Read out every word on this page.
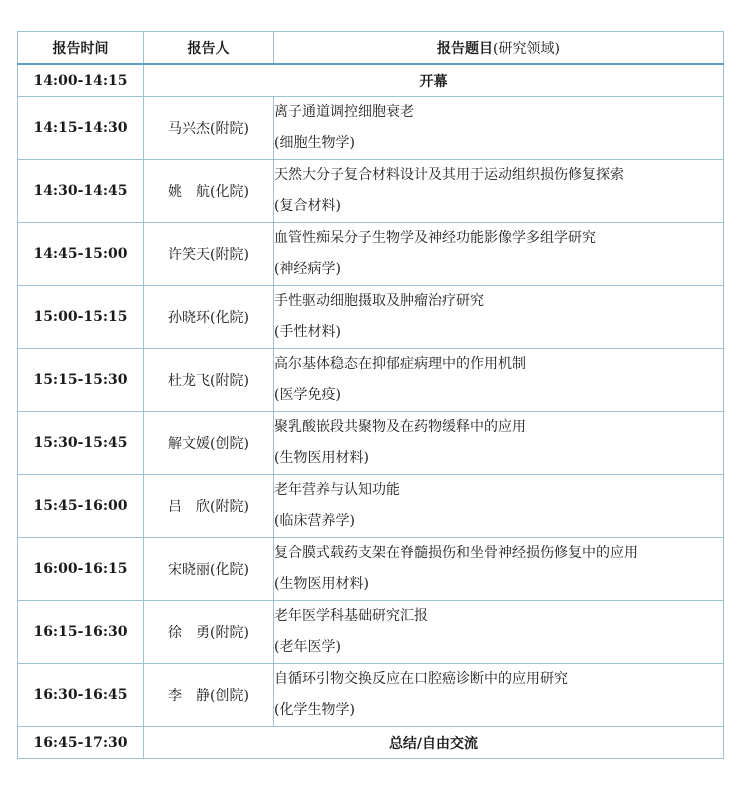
报告时间	报告人	报告题目(研究领域)
14:00-14:15	开幕	
14:15-14:30	马兴杰(附院)	离子通道调控细胞衰老
(细胞生物学)

14:30-14:45	姚　航(化院)	天然大分子复合材料设计及其用于运动组织损伤修复探索
(复合材料)

14:45-15:00	许笑天(附院)	血管性痴呆分子生物学及神经功能影像学多组学研究
(神经病学)

15:00-15:15	孙晓环(化院)	手性驱动细胞摄取及肿瘤治疗研究
(手性材料)

15:15-15:30	杜龙飞(附院)	高尔基体稳态在抑郁症病理中的作用机制
(医学免疫)

15:30-15:45	解文媛(创院)	聚乳酸嵌段共聚物及在药物缓释中的应用
(生物医用材料)

15:45-16:00	吕　欣(附院)	老年营养与认知功能
(临床营养学)

16:00-16:15	宋晓丽(化院)	复合膜式载药支架在脊髓损伤和坐骨神经损伤修复中的应用
(生物医用材料)

16:15-16:30	徐　勇(附院)	老年医学科基础研究汇报
(老年医学)

16:30-16:45	李　静(创院)	自循环引物交换反应在口腔癌诊断中的应用研究
(化学生物学)

16:45-17:30	总结/自由交流	
